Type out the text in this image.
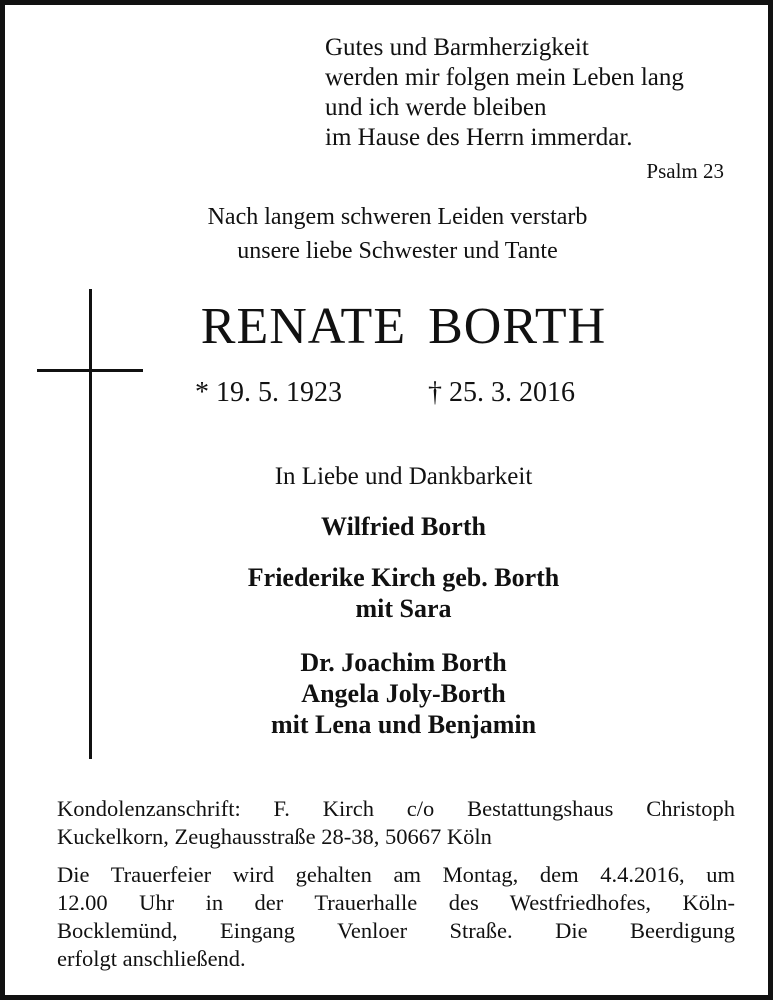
Gutes und Barmherzigkeit
werden mir folgen mein Leben lang
und ich werde bleiben
im Hause des Herrn immerdar.
Psalm 23
Nach langem schweren Leiden verstarb
unsere liebe Schwester und Tante
RENATE BORTH
* 19. 5. 1923	† 25. 3. 2016
In Liebe und Dankbarkeit
Wilfried Borth
Friederike Kirch geb. Borth
mit Sara
Dr. Joachim Borth
Angela Joly-Borth
mit Lena und Benjamin
Kondolenzanschrift: F. Kirch c/o Bestattungshaus Christoph
Kuckelkorn, Zeughausstraße 28-38, 50667 Köln
Die Trauerfeier wird gehalten am Montag, dem 4.4.2016, um
12.00 Uhr in der Trauerhalle des Westfriedhofes, Köln-
Bocklemünd, Eingang Venloer Straße. Die Beerdigung
erfolgt anschließend.
